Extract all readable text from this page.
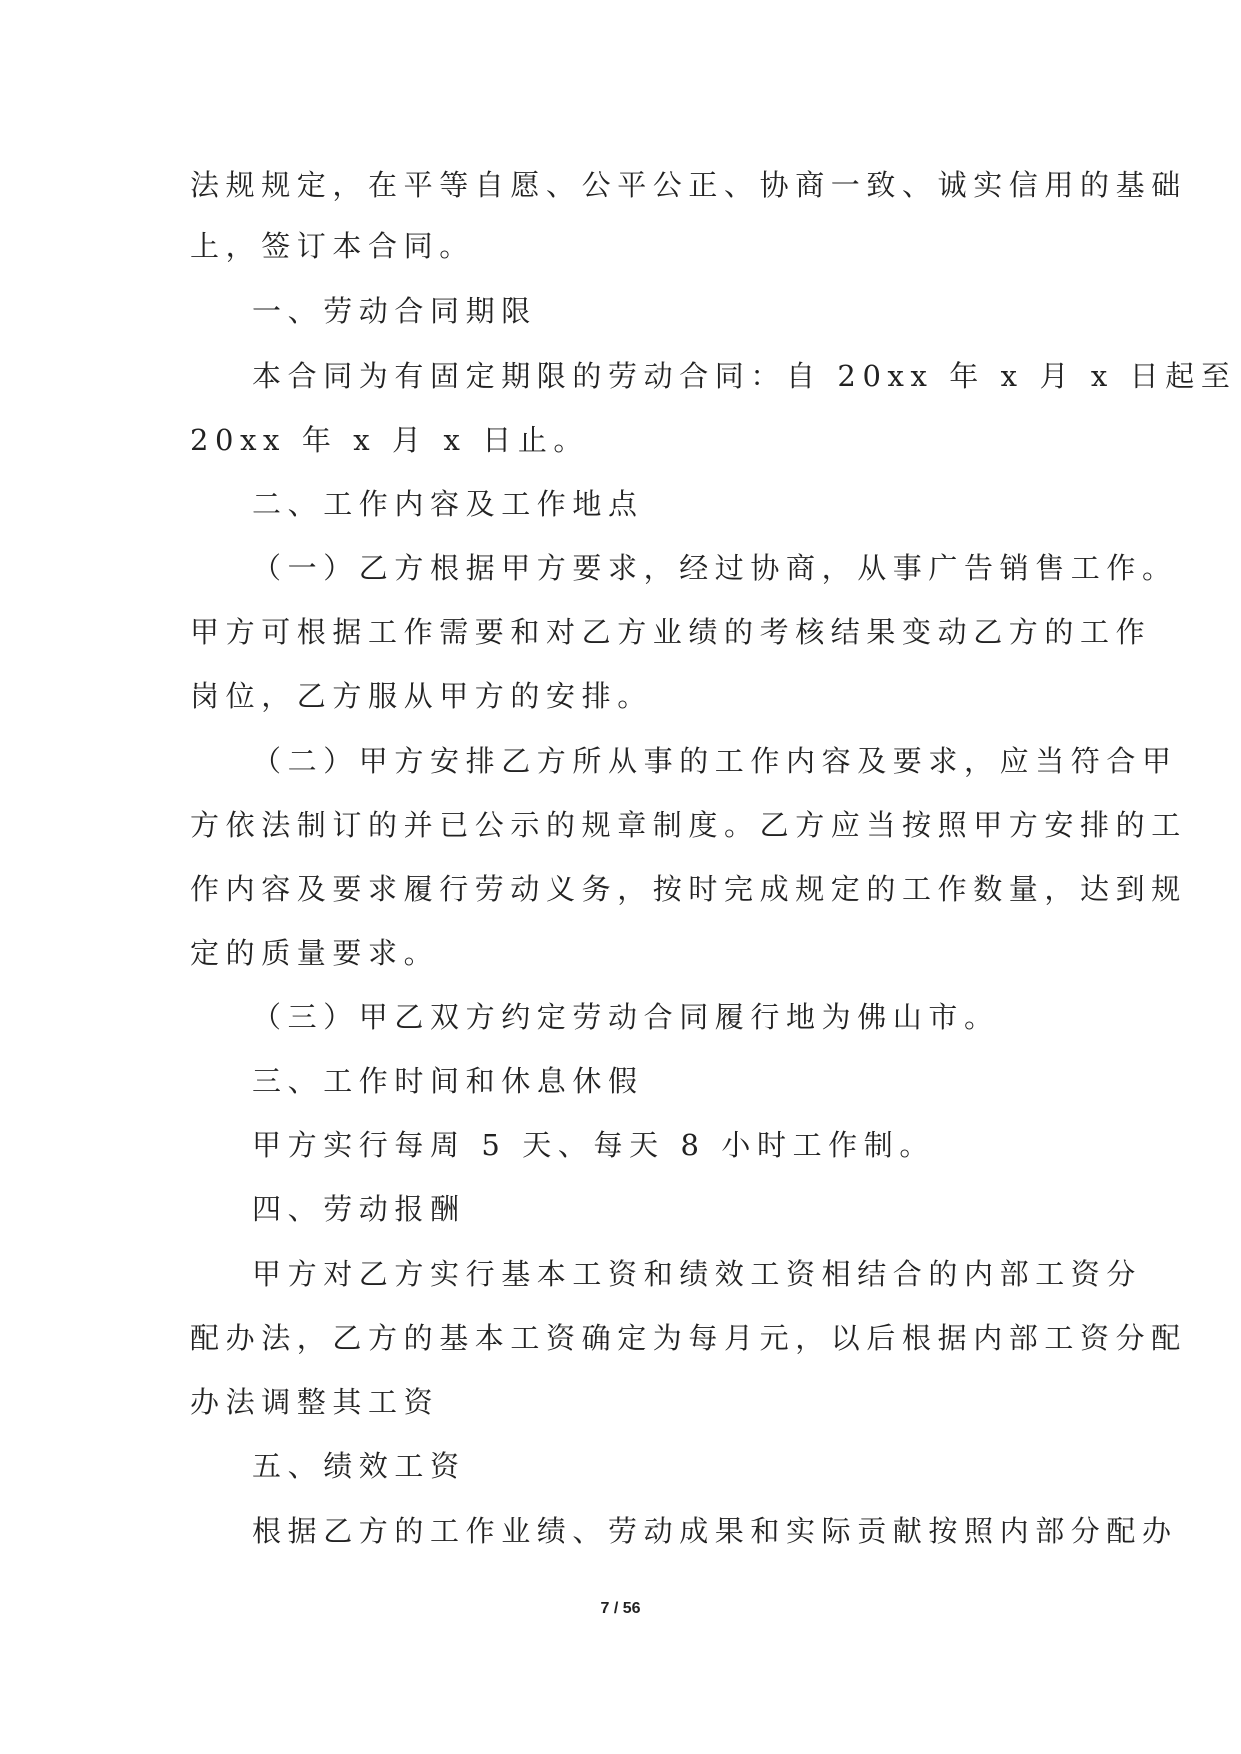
法规规定，在平等自愿、公平公正、协商一致、诚实信用的基础
上，签订本合同。
一、劳动合同期限
本合同为有固定期限的劳动合同：自 20xx 年 x 月 x 日起至
20xx 年 x 月 x 日止。
二、工作内容及工作地点
（一）乙方根据甲方要求，经过协商，从事广告销售工作。
甲方可根据工作需要和对乙方业绩的考核结果变动乙方的工作
岗位，乙方服从甲方的安排。
（二）甲方安排乙方所从事的工作内容及要求，应当符合甲
方依法制订的并已公示的规章制度。乙方应当按照甲方安排的工
作内容及要求履行劳动义务，按时完成规定的工作数量，达到规
定的质量要求。
（三）甲乙双方约定劳动合同履行地为佛山市。
三、工作时间和休息休假
甲方实行每周 5 天、每天 8 小时工作制。
四、劳动报酬
甲方对乙方实行基本工资和绩效工资相结合的内部工资分
配办法，乙方的基本工资确定为每月元，以后根据内部工资分配
办法调整其工资
五、绩效工资
根据乙方的工作业绩、劳动成果和实际贡献按照内部分配办
7 / 56
